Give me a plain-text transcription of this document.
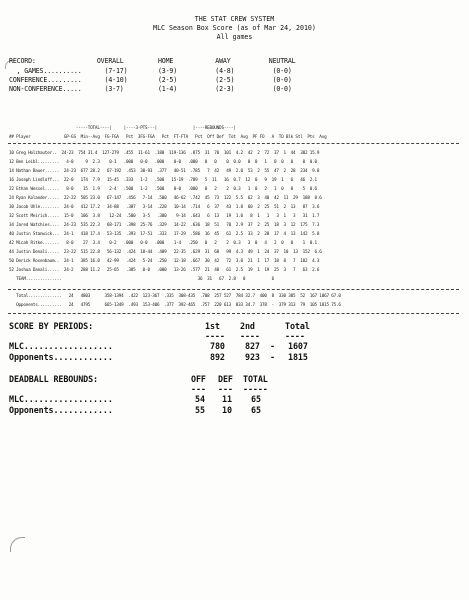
THE STAT CREW SYSTEM
MLC Season Box Score (as of Mar 24, 2010)
All games
RECORD:                OVERALL         HOME           AWAY          NEUTRAL
, GAMES..........      (7-17)        (3-9)          (4-8)          (0-0)
CONFERENCE.........      (4-10)        (2-5)          (2-5)          (0-0)
NON-CONFERENCE.....      (3-7)         (1-4)          (2-3)          (0-0)
-----TOTAL----|     |----3-PTS---|               |----REBOUNDS----|
## Player              GP-GS  Min--Avg  FG-FGA   Pct  3FG-FGA   Pct  FT-FTA   Pct  Off Def  Tot  Avg  PF FO   A  TO Blk Stl  Pts  Avg
10 Greg Holzhauter..  24-23  754 31.4  127-279  .455  11-61  .180  119-136  .875  31  70  101  4.2  42  2  72  37  1  44  382 15.9
12 Ben Leibl.........   4-0     9  2.3    0-1   .000   0-0   .000    0-0   .000   0   0    0  0.0   0  0   1   0  0   0    0  0.0
14 Nathan Bauer......  24-23  677 28.2   67-192  .453  30-93  .377   40-51  .785   7  42   49  2.0  53  2  55  47  2  28  234  9.8
16 Joseph Lindloff...  22-0   174  7.9   15-45  .333   1-2   .500   15-19  .789   5  11   16  0.7  12  0   9  19  1   6   46  2.1
22 Ethan Wessel......   8-0    15  1.9    2-4   .500   1-2   .500    0-0   .000   0   2    2  0.3   1  0   2   1  0   0    5  0.6
24 Ryan Kolander.....  22-22  505 23.0   67-147  .456   7-14  .500   46-62  .742  45  73  122  5.5  62  3  40  42  11  29  188  8.6
30 Jacob Uhle........  24-0   412 17.2   34-88   .387   3-14  .220   10-14  .714   6  37   43  1.8  60  2  25  51  2  13   87  3.6
32 Scott Meirich.....  15-0   106  3.8    12-24  .500   3-5   .300    9-14  .643   6  13   19  1.0   8  1   1   3  1   3   31  1.7
34 Jared Watchies....  24-23  535 22.3   68-171  .398  25-76  .329   14-22  .636  18  51   70  2.9  37  2  25  18  3  12  175  7.3
40 Justin Stanwick...  24-1   418 17.4   53-135  .393  17-51  .333   17-29  .586  16  45   61  2.5  33  2  28  17  4  13  142  5.8
42 Micah Ritke.......   8-0    27  3.4    0-2   .000   0-0   .000    1-4   .250   0   2    2  0.3   3  0   4   2  0   0    1  0.1
44 Justin Denali.....  23-22  515 22.8   56-132  .424  18-44  .409   22-35  .629  31  68   99  4.3  49  1  24  37  10  13  152  6.6
50 Derick Rosenbaum..  24-1   385 16.0   42-99   .424   5-24  .250   12-18  .667  30  42   72  3.0  21  1  17  18  8   7  102  4.3
52 Joshua Danali.....  24-2   288 11.2   25-65   .385   0-0   .000   13-26  .577  21  40   61  2.5  19  1  19  25  3   7   63  2.6
TEAM...............                                                         36  31   67  2.8   0           6
Total..............   24   4803      358-1394  .422  123-367  .335  308-435  .708  257 527  784 32.7  400  8  330 385  52  167 1067 67.0
Opponents..........   24   4795      665-1349  .493  153-406  .377  392-465  .757  220 613  833 34.7  378  -  379 313  79  105 1815 75.6
SCORE BY PERIODS:	1st 2nd	Total
---- ----	----
MLC..................	780 827 - 1607
Opponents............	892 923 - 1815
DEADBALL REBOUNDS:	OFF DEF TOTAL
--- --- -----
MLC..................	54 11 65
Opponents............	55 10 65
